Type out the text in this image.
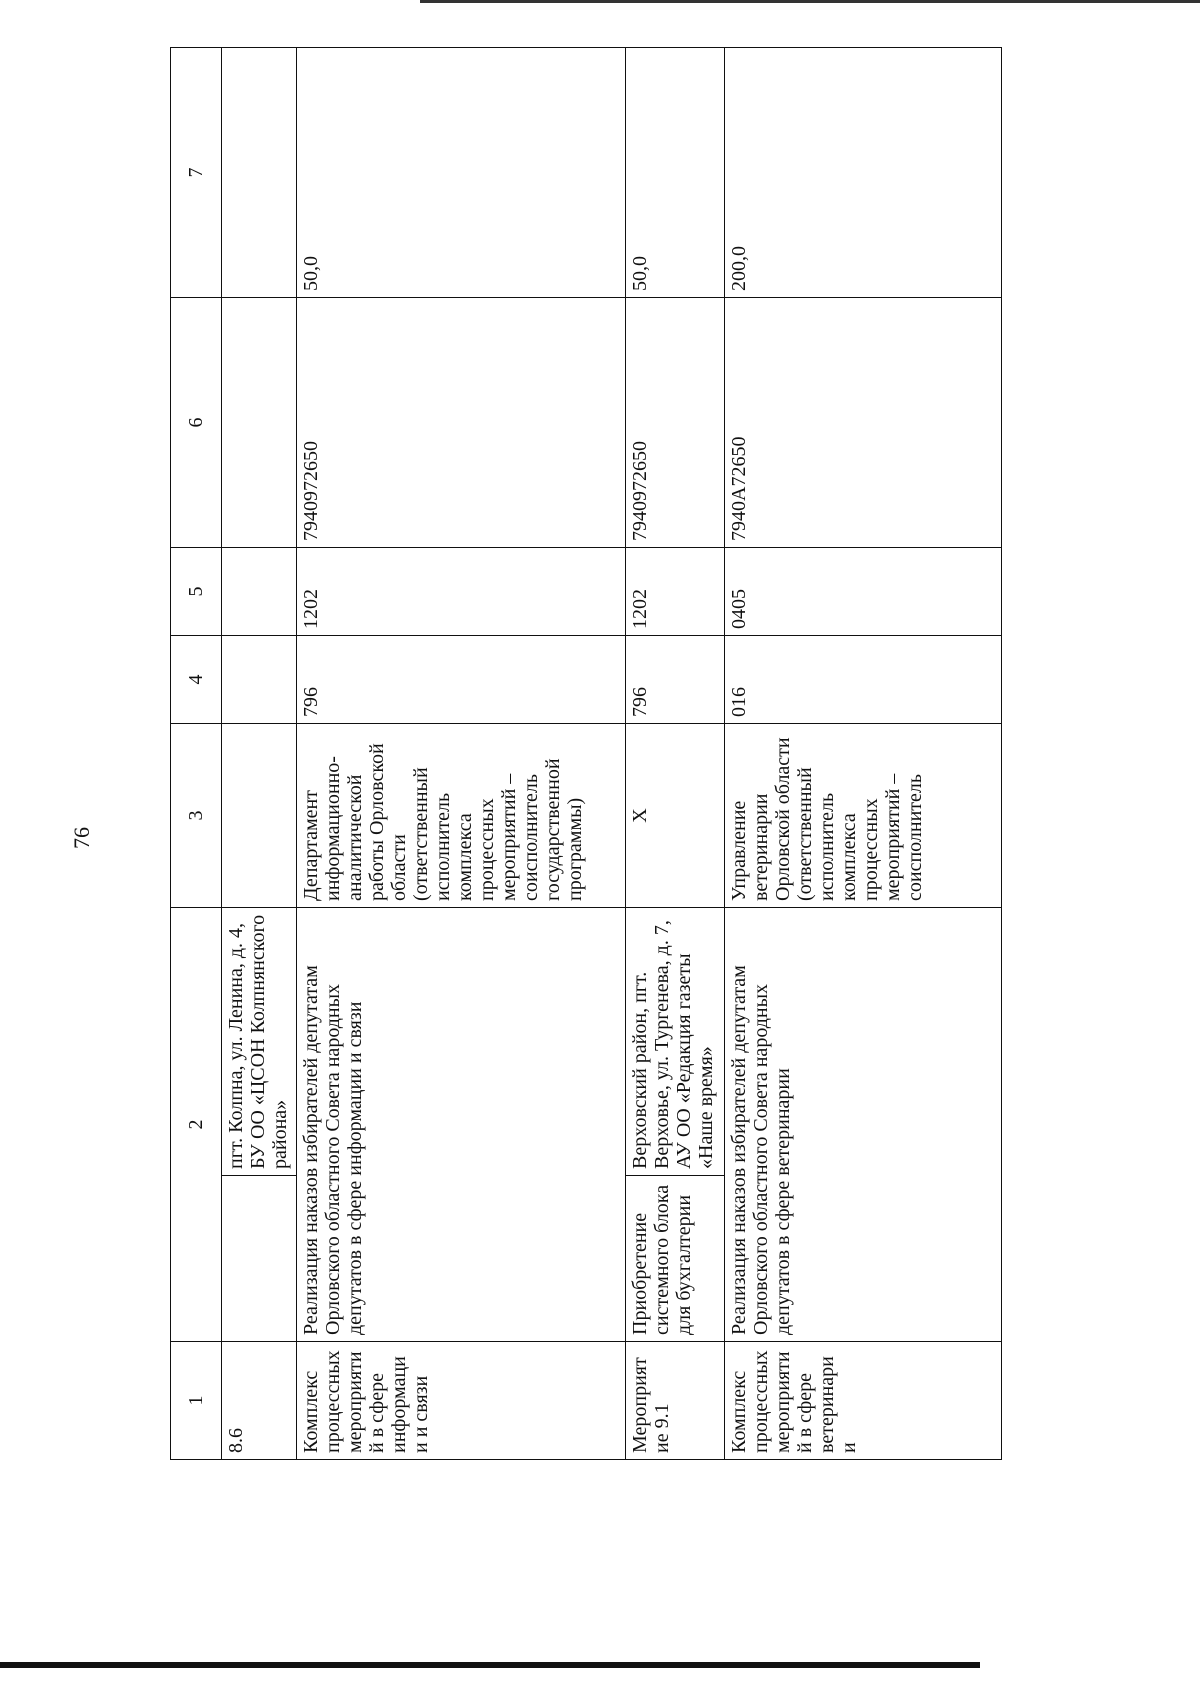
76
1	2		3	4	5	6	7
8.6		пгт. Колпна, ул. Ленина, д. 4, БУ ОО «ЦСОН Колпнянского района»					
Комплекс процессных мероприятий в сфере информации и связи	Реализация наказов избирателей депутатам Орловского областного Совета народных депутатов в сфере информации и связи		Департамент информационно-аналитической работы Орловской области (ответственный исполнитель комплекса процессных мероприятий – соисполнитель государственной программы)	796	1202	7940972650	50,0
Мероприятие 9.1	Приобретение системного блока для бухгалтерии	Верховский район, пгт. Верховье, ул. Тургенева, д. 7, АУ ОО «Редакция газеты «Наше время»	Х	796	1202	7940972650	50,0
Комплекс процессных мероприятий в сфере ветеринарии	Реализация наказов избирателей депутатам Орловского областного Совета народных депутатов в сфере ветеринарии		Управление ветеринарии Орловской области (ответственный исполнитель комплекса процессных мероприятий – соисполнитель	016	0405	7940А72650	200,0
